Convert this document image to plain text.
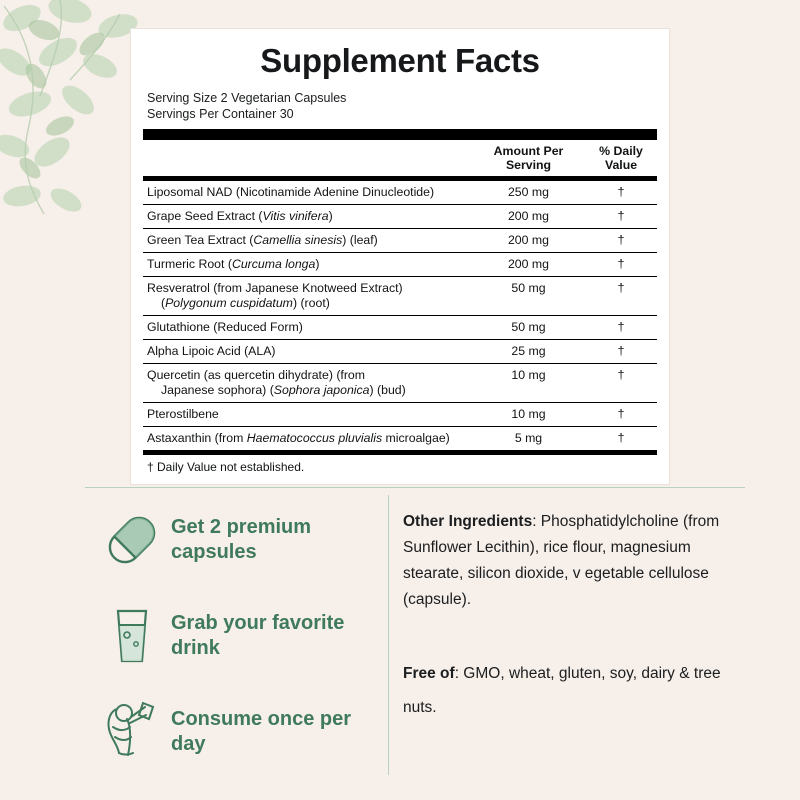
Supplement Facts
Serving Size 2 Vegetarian Capsules
Servings Per Container 30
	Amount Per Serving	% Daily Value
Liposomal NAD (Nicotinamide Adenine Dinucleotide)	250 mg	†
Grape Seed Extract (Vitis vinifera)	200 mg	†
Green Tea Extract (Camellia sinesis) (leaf)	200 mg	†
Turmeric Root (Curcuma longa)	200 mg	†
Resveratrol (from Japanese Knotweed Extract)
(Polygonum cuspidatum) (root)	50 mg	†
Glutathione (Reduced Form)	50 mg	†
Alpha Lipoic Acid (ALA)	25 mg	†
Quercetin (as quercetin dihydrate) (from
Japanese sophora) (Sophora japonica) (bud)	10 mg	†
Pterostilbene	10 mg	†
Astaxanthin (from Haematococcus pluvialis microalgae)	5 mg	†
† Daily Value not established.
Get 2 premium capsules
Grab your favorite drink
Consume once per day
Other Ingredients: Phosphatidylcholine (from Sunflower Lecithin), rice flour, magnesium stearate, silicon dioxide, v egetable cellulose (capsule).
Free of: GMO, wheat, gluten, soy, dairy & tree nuts.
